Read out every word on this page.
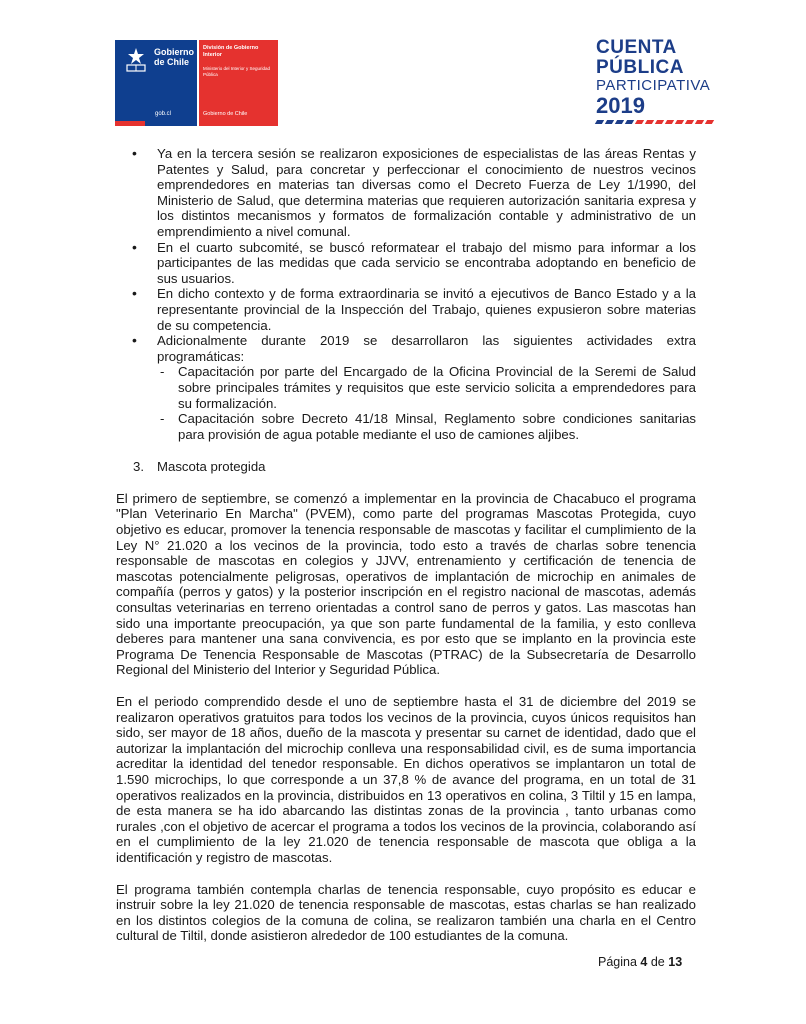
Gobierno
de Chile
gob.cl
División de Gobierno Interior
Ministerio del Interior y Seguridad Pública
Gobierno de Chile
CUENTA
PÚBLICA
PARTICIPATIVA
2019
• Ya en la tercera sesión se realizaron exposiciones de especialistas de las áreas Rentas y Patentes y Salud, para concretar y perfeccionar el conocimiento de nuestros vecinos emprendedores en materias tan diversas como el Decreto Fuerza de Ley 1/1990, del Ministerio de Salud, que determina materias que requieren autorización sanitaria expresa y los distintos mecanismos y formatos de formalización contable y administrativo de un emprendimiento a nivel comunal.
• En el cuarto subcomité, se buscó reformatear el trabajo del mismo para informar a los participantes de las medidas que cada servicio se encontraba adoptando en beneficio de sus usuarios.
• En dicho contexto y de forma extraordinaria se invitó a ejecutivos de Banco Estado y a la representante provincial de la Inspección del Trabajo, quienes expusieron sobre materias de su competencia.
• Adicionalmente durante 2019 se desarrollaron las siguientes actividades extra programáticas:
- Capacitación por parte del Encargado de la Oficina Provincial de la Seremi de Salud sobre principales trámites y requisitos que este servicio solicita a emprendedores para su formalización.
- Capacitación sobre Decreto 41/18 Minsal, Reglamento sobre condiciones sanitarias para provisión de agua potable mediante el uso de camiones aljibes.
3. Mascota protegida

El primero de septiembre, se comenzó a implementar en la provincia de Chacabuco el programa "Plan Veterinario En Marcha" (PVEM), como parte del programas Mascotas Protegida, cuyo objetivo es educar, promover la tenencia responsable de mascotas y facilitar el cumplimiento de la Ley N° 21.020 a los vecinos de la provincia, todo esto a través de charlas sobre tenencia responsable de mascotas en colegios y JJVV, entrenamiento y certificación de tenencia de mascotas potencialmente peligrosas, operativos de implantación de microchip en animales de compañía (perros y gatos) y la posterior inscripción en el registro nacional de mascotas, además consultas veterinarias en terreno orientadas a control sano de perros y gatos. Las mascotas han sido una importante preocupación, ya que son parte fundamental de la familia, y esto conlleva deberes para mantener una sana convivencia, es por esto que se implanto en la provincia este Programa De Tenencia Responsable de Mascotas (PTRAC) de la Subsecretaría de Desarrollo Regional del Ministerio del Interior y Seguridad Pública.

En el periodo comprendido desde el uno de septiembre hasta el 31 de diciembre del 2019 se realizaron operativos gratuitos para todos los vecinos de la provincia, cuyos únicos requisitos han sido, ser mayor de 18 años, dueño de la mascota y presentar su carnet de identidad, dado que el autorizar la implantación del microchip conlleva una responsabilidad civil, es de suma importancia acreditar la identidad del tenedor responsable. En dichos operativos se implantaron un total de 1.590 microchips, lo que corresponde a un 37,8 % de avance del programa, en un total de 31 operativos realizados en la provincia, distribuidos en 13 operativos en colina, 3 Tiltil y 15 en lampa, de esta manera se ha ido abarcando las distintas zonas de la provincia , tanto urbanas como rurales ,con el objetivo de acercar el programa a todos los vecinos de la provincia, colaborando así en el cumplimiento de la ley 21.020 de tenencia responsable de mascota que obliga a la identificación y registro de mascotas.

El programa también contempla charlas de tenencia responsable, cuyo propósito es educar e instruir sobre la ley 21.020 de tenencia responsable de mascotas, estas charlas se han realizado en los distintos colegios de la comuna de colina, se realizaron también una charla en el Centro cultural de Tiltil, donde asistieron alrededor de 100 estudiantes de la comuna.

Página 4 de 13
